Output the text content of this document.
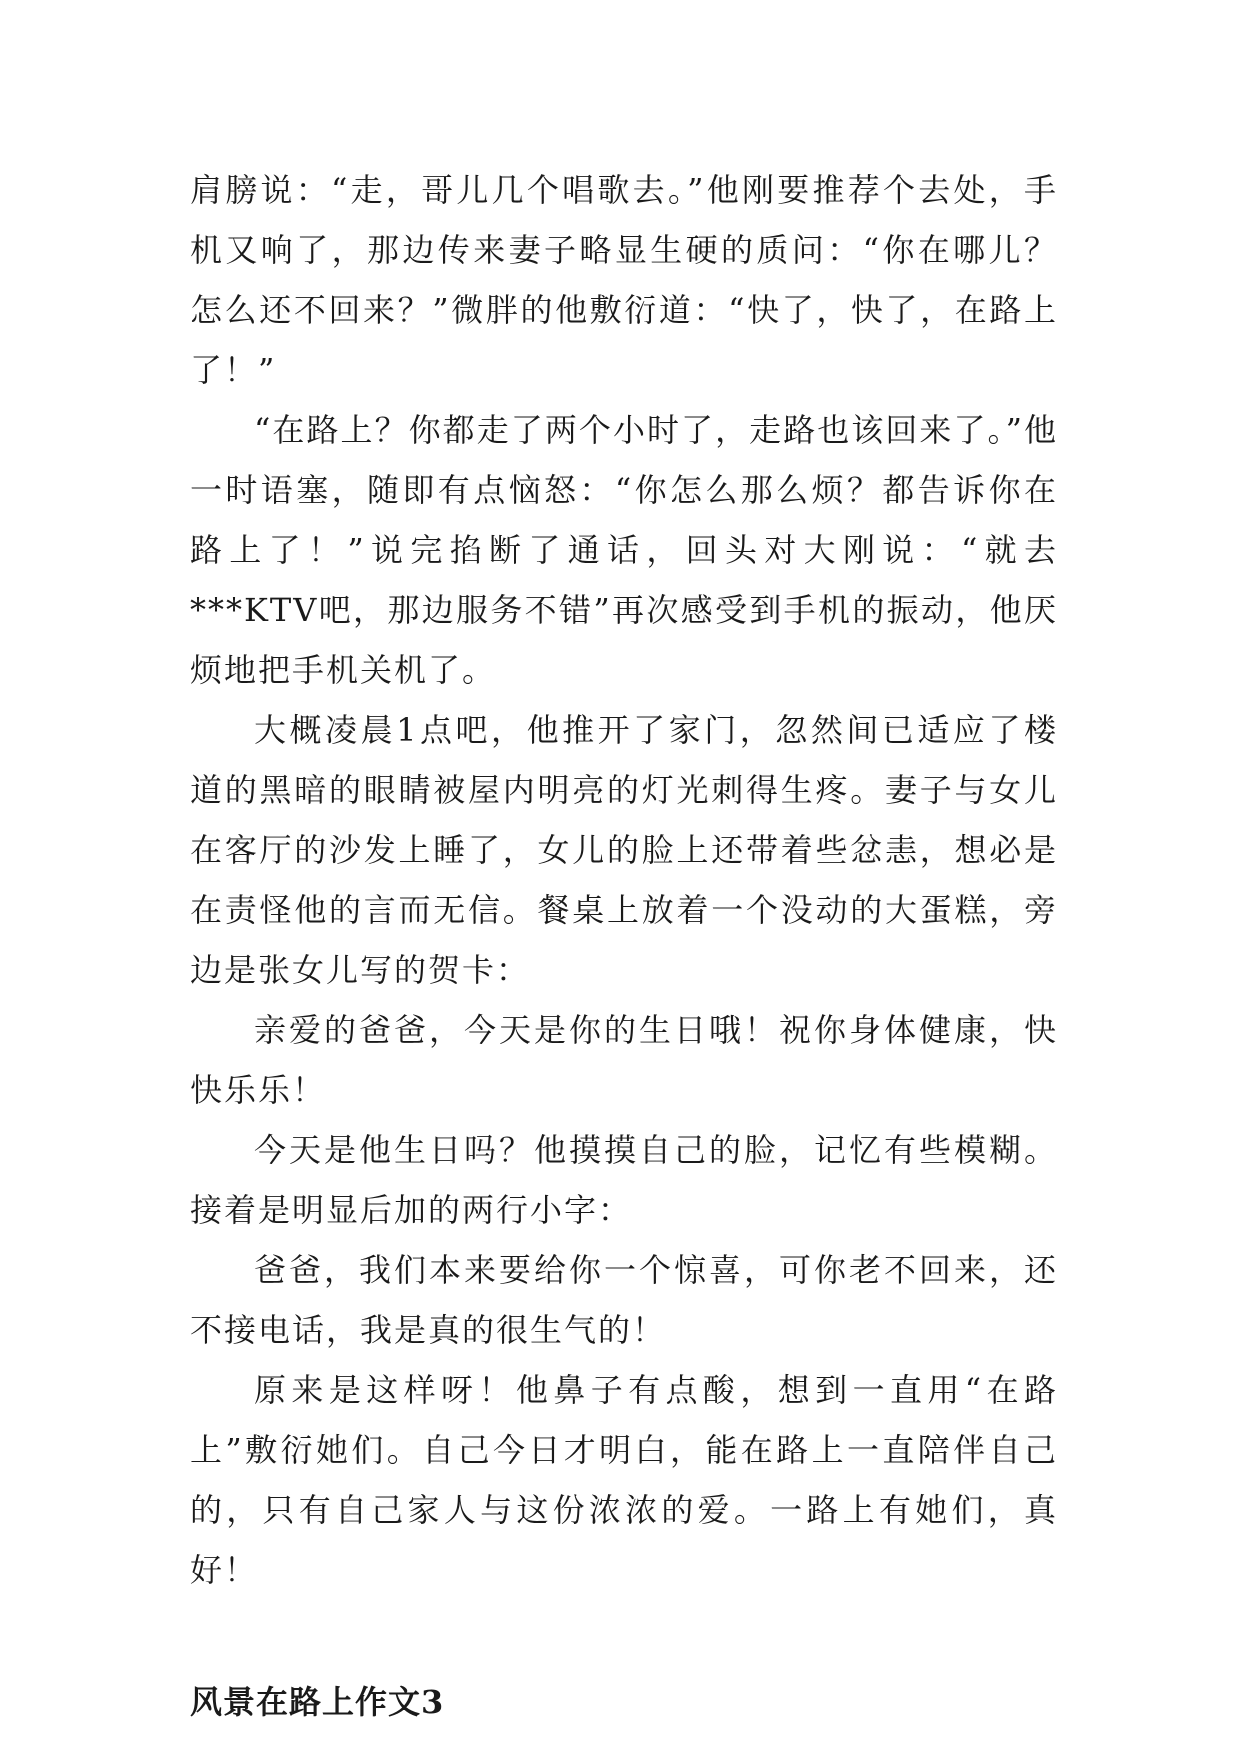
肩膀说：“走，哥儿几个唱歌去。”他刚要推荐个去处，手机又响了，那边传来妻子略显生硬的质问：“你在哪儿？怎么还不回来？”微胖的他敷衍道：“快了，快了，在路上了！”

“在路上？你都走了两个小时了，走路也该回来了。”他一时语塞，随即有点恼怒：“你怎么那么烦？都告诉你在路上了！”说完掐断了通话，回头对大刚说：“就去***KTV吧，那边服务不错”再次感受到手机的振动，他厌烦地把手机关机了。

大概凌晨1点吧，他推开了家门，忽然间已适应了楼道的黑暗的眼睛被屋内明亮的灯光刺得生疼。妻子与女儿在客厅的沙发上睡了，女儿的脸上还带着些忿恚，想必是在责怪他的言而无信。餐桌上放着一个没动的大蛋糕，旁边是张女儿写的贺卡：

亲爱的爸爸，今天是你的生日哦！祝你身体健康，快快乐乐！

今天是他生日吗？他摸摸自己的脸，记忆有些模糊。接着是明显后加的两行小字：

爸爸，我们本来要给你一个惊喜，可你老不回来，还不接电话，我是真的很生气的！

原来是这样呀！他鼻子有点酸，想到一直用“在路上”敷衍她们。自己今日才明白，能在路上一直陪伴自己的，只有自己家人与这份浓浓的爱。一路上有她们，真好！

风景在路上作文3
